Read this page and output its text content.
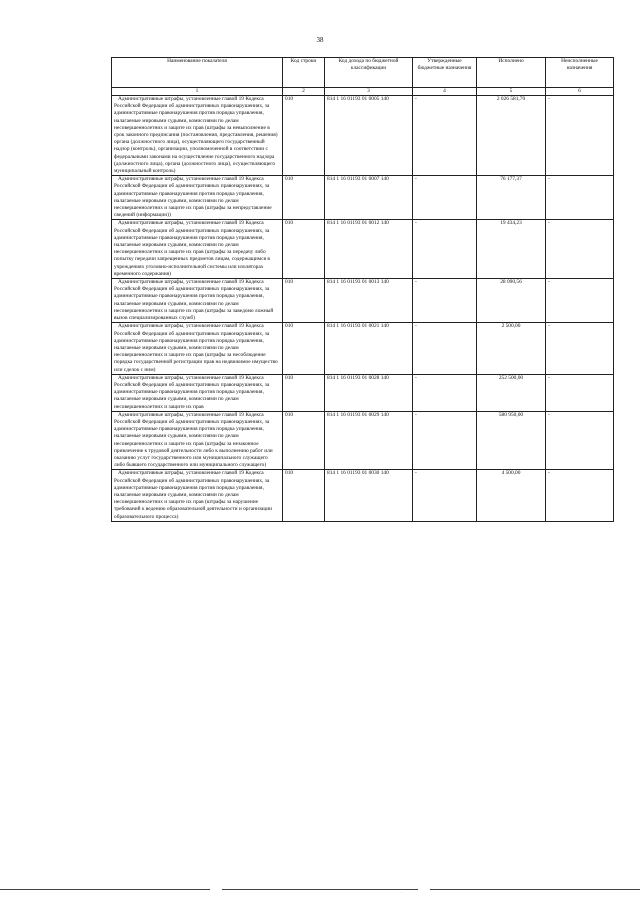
38
Наименование показателя	Код строки	Код дохода по бюджетной классификации	Утвержденные бюджетные назначения	Исполнено	Неисполненные назначения
1	2	3	4	5	6

Административные штрафы, установленные главой 19 Кодекса Российской Федерации об административных правонарушениях, за административные правонарушения против порядка управления, налагаемые мировыми судьями, комиссиями по делам несовершеннолетних и защите их прав (штрафы за невыполнение в срок законного предписания (постановления, представления, решения) органа (должностного лица), осуществляющего государственный надзор (контроль), организации, уполномоченной в соответствии с федеральными законами на осуществление государственного надзора (должностного лица), органа (должностного лица), осуществляющего муниципальный контроль)	010	814 1 16 01193 01 0005 140	-	2 026 581,70	-

Административные штрафы, установленные главой 19 Кодекса Российской Федерации об административных правонарушениях, за административные правонарушения против порядка управления, налагаемые мировыми судьями, комиссиями по делам несовершеннолетних и защите их прав (штрафы за непредставление сведений (информации))	010	814 1 16 01193 01 0007 140	-	76 177,37	-

Административные штрафы, установленные главой 19 Кодекса Российской Федерации об административных правонарушениях, за административные правонарушения против порядка управления, налагаемые мировыми судьями, комиссиями по делам несовершеннолетних и защите их прав (штрафы за передачу либо попытку передачи запрещенных предметов лицам, содержащимся в учреждениях уголовно-исполнительной системы или изоляторах временного содержания)	010	814 1 16 01193 01 0012 140	-	19 434,23	-

Административные штрафы, установленные главой 19 Кодекса Российской Федерации об административных правонарушениях, за административные правонарушения против порядка управления, налагаемые мировыми судьями, комиссиями по делам несовершеннолетних и защите их прав (штрафы за заведомо ложный вызов специализированных служб)	010	814 1 16 01193 01 0013 140	-	28 090,56	-

Административные штрафы, установленные главой 19 Кодекса Российской Федерации об административных правонарушениях, за административные правонарушения против порядка управления, налагаемые мировыми судьями, комиссиями по делам несовершеннолетних и защите их прав (штрафы за несоблюдение порядка государственной регистрации прав на недвижимое имущество или сделок с ним)	010	814 1 16 01193 01 0021 140	-	2 500,00	-

Административные штрафы, установленные главой 19 Кодекса Российской Федерации об административных правонарушениях, за административные правонарушения против порядка управления, налагаемые мировыми судьями, комиссиями по делам несовершеннолетних и защите их прав	010	814 1 16 01193 01 0028 140	-	252 500,00	-

Административные штрафы, установленные главой 19 Кодекса Российской Федерации об административных правонарушениях, за административные правонарушения против порядка управления, налагаемые мировыми судьями, комиссиями по делам несовершеннолетних и защите их прав (штрафы за незаконное привлечение к трудовой деятельности либо к выполнению работ или оказанию услуг государственного или муниципального служащего либо бывшего государственного или муниципального служащего)	010	814 1 16 01193 01 0029 140	-	580 950,00	-

Административные штрафы, установленные главой 19 Кодекса Российской Федерации об административных правонарушениях, за административные правонарушения против порядка управления, налагаемые мировыми судьями, комиссиями по делам несовершеннолетних и защите их прав (штрафы за нарушение требований к ведению образовательной деятельности и организации образовательного процесса)	010	814 1 16 01193 01 0030 140	-	4 500,00	-
· ·
